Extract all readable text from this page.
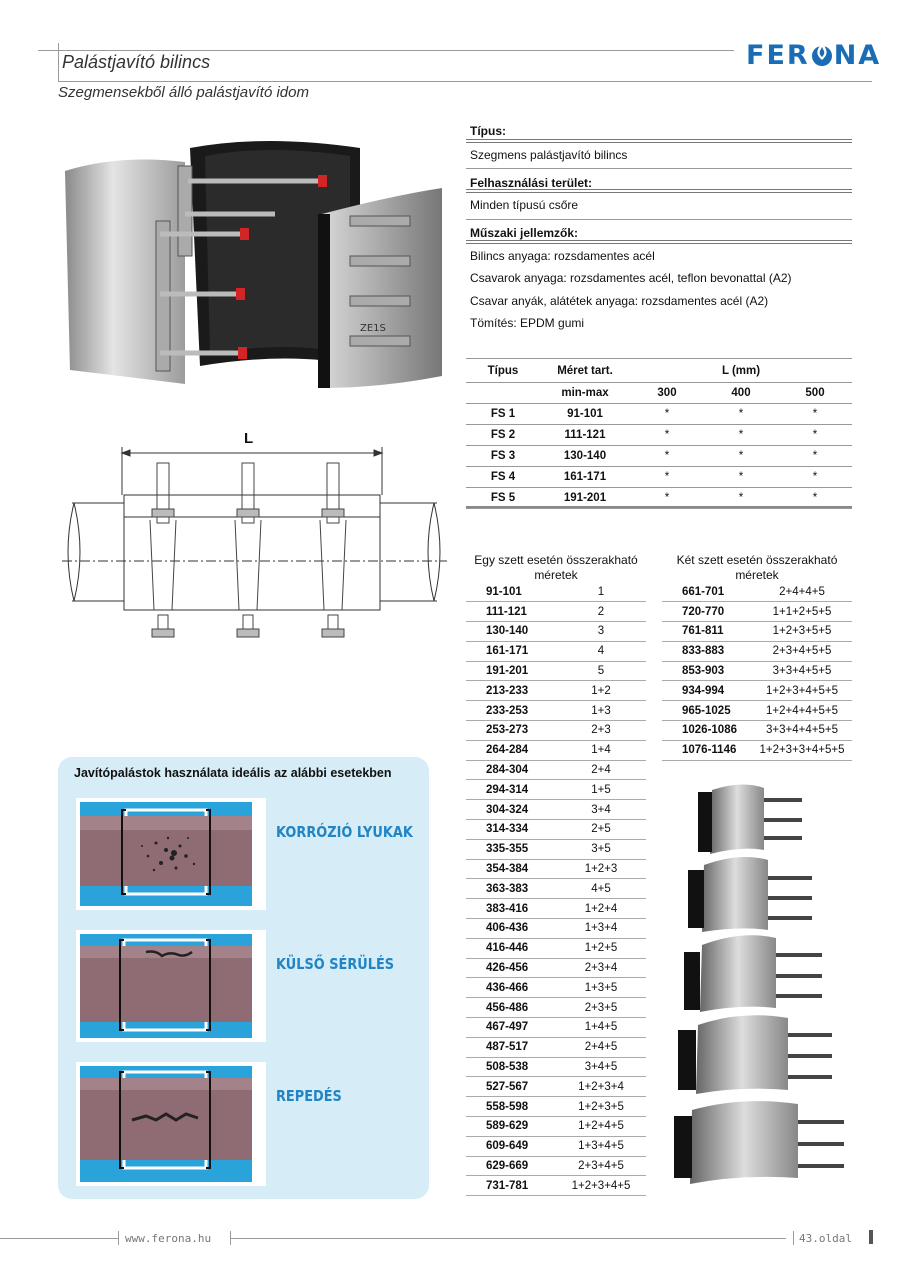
Palástjavító bilincs
Szegmensekből álló palástjavító idom
FER NA
ZE1S
L
Típus:
Szegmens palástjavító bilincs
Felhasználási terület:
Minden típusú csőre
Műszaki jellemzők:
Bilincs anyaga: rozsdamentes acél
Csavarok anyaga: rozsdamentes acél, teflon bevonattal (A2)
Csavar anyák, alátétek anyaga: rozsdamentes acél (A2)
Tömítés: EPDM gumi
Típus	Méret tart.	L (mm)		
	min-max	300	400	500
FS 1	91-101	*	*	*
FS 2	111-121	*	*	*
FS 3	130-140	*	*	*
FS 4	161-171	*	*	*
FS 5	191-201	*	*	*
Egy szett esetén összerakható méretek
91-101	1
111-121	2
130-140	3
161-171	4
191-201	5
213-233	1+2
233-253	1+3
253-273	2+3
264-284	1+4
284-304	2+4
294-314	1+5
304-324	3+4
314-334	2+5
335-355	3+5
354-384	1+2+3
363-383	4+5
383-416	1+2+4
406-436	1+3+4
416-446	1+2+5
426-456	2+3+4
436-466	1+3+5
456-486	2+3+5
467-497	1+4+5
487-517	2+4+5
508-538	3+4+5
527-567	1+2+3+4
558-598	1+2+3+5
589-629	1+2+4+5
609-649	1+3+4+5
629-669	2+3+4+5
731-781	1+2+3+4+5
Két szett esetén összerakható méretek
661-701	2+4+4+5
720-770	1+1+2+5+5
761-811	1+2+3+5+5
833-883	2+3+4+5+5
853-903	3+3+4+5+5
934-994	1+2+3+4+5+5
965-1025	1+2+4+4+5+5
1026-1086	3+3+4+4+5+5
1076-1146	1+2+3+3+4+5+5
Javítópalástok használata ideális az alábbi esetekben
KORRÓZIÓ LYUKAK
KÜLSŐ SÉRÜLÉS
REPEDÉS
www.ferona.hu	43.oldal
